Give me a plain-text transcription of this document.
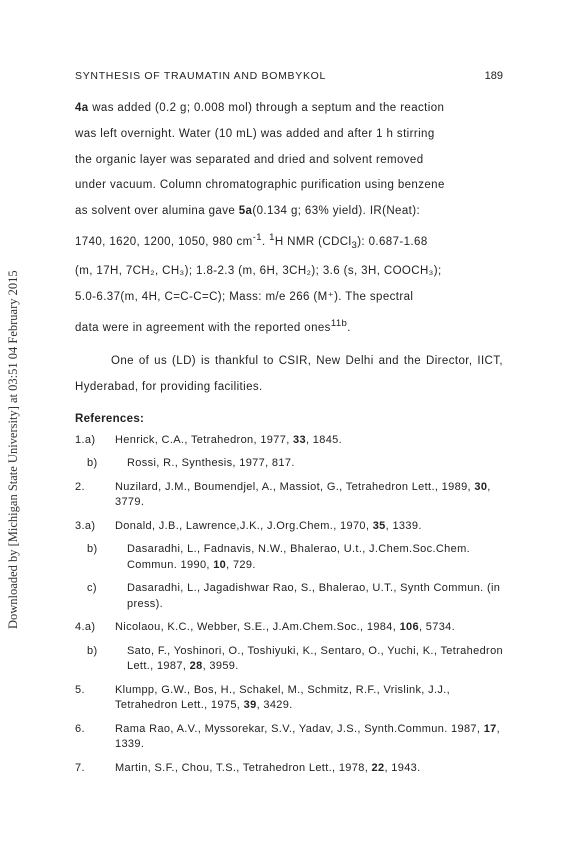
Downloaded by [Michigan State University] at 03:51 04 February 2015
SYNTHESIS OF TRAUMATIN AND BOMBYKOL	189
4a was added (0.2 g; 0.008 mol) through a septum and the reaction
was left overnight. Water (10 mL) was added and after 1 h stirring
the organic layer was separated and dried and solvent removed
under vacuum. Column chromatographic purification using benzene
as solvent over alumina gave 5a(0.134 g; 63% yield). IR(Neat):
1740, 1620, 1200, 1050, 980 $cm^{-1}$. $^1$H NMR (CDCl$_3$): 0.687-1.68
(m, 17H, 7CH₂, CH₃); 1.8-2.3 (m, 6H, 3CH₂); 3.6 (s, 3H, COOCH₃);
5.0-6.37(m, 4H, C=C-C=C); Mass: m/e 266 (M⁺). The spectral
data were in agreement with the reported ones$^{11b}$.

One of us (LD) is thankful to CSIR, New Delhi and the Director, IICT, Hyderabad, for providing facilities.

References:
1.a)	Henrick, C.A., Tetrahedron, 1977, 33, 1845.
b)	Rossi, R., Synthesis, 1977, 817.
2.	Nuzilard, J.M., Boumendjel, A., Massiot, G., Tetrahedron Lett., 1989, 30, 3779.
3.a)	Donald, J.B., Lawrence,J.K., J.Org.Chem., 1970, 35, 1339.
b)	Dasaradhi, L., Fadnavis, N.W., Bhalerao, U.t., J.Chem.Soc.Chem. Commun. 1990, 10, 729.
c)	Dasaradhi, L., Jagadishwar Rao, S., Bhalerao, U.T., Synth Commun. (in press).
4.a)	Nicolaou, K.C., Webber, S.E., J.Am.Chem.Soc., 1984, 106, 5734.
b)	Sato, F., Yoshinori, O., Toshiyuki, K., Sentaro, O., Yuchi, K., Tetrahedron Lett., 1987, 28, 3959.
5.	Klumpp, G.W., Bos, H., Schakel, M., Schmitz, R.F., Vrislink, J.J., Tetrahedron Lett., 1975, 39, 3429.
6.	Rama Rao, A.V., Myssorekar, S.V., Yadav, J.S., Synth.Commun. 1987, 17, 1339.
7.	Martin, S.F., Chou, T.S., Tetrahedron Lett., 1978, 22, 1943.
